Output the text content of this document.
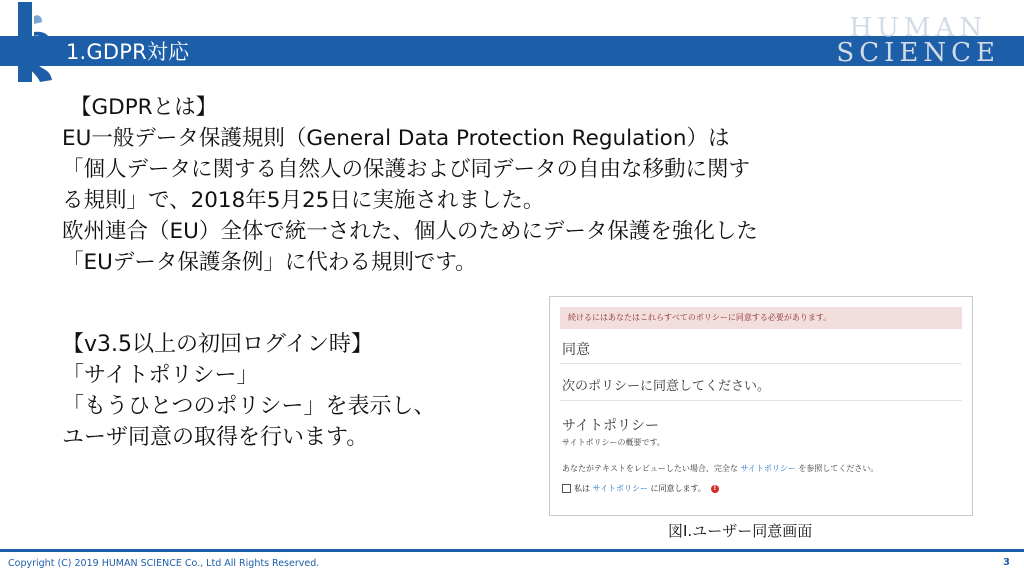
1.GDPR対応
HUMAN
SCIENCE

【GDPRとは】

EU一般データ保護規則（General Data Protection Regulation）は

「個人データに関する自然人の保護および同データの自由な移動に関す

る規則」で、2018年5月25日に実施されました。

欧州連合（EU）全体で統一された、個人のためにデータ保護を強化した

「EUデータ保護条例」に代わる規則です。

【v3.5以上の初回ログイン時】

「サイトポリシー」

「もうひとつのポリシー」を表示し、

ユーザ同意の取得を行います。

続けるにはあなたはこれらすべてのポリシーに同意する必要があります。
同意
次のポリシーに同意してください。
サイトポリシー
サイトポリシーの概要です。
あなたがテキストをレビューしたい場合、完全な サイトポリシー を参照してください。
私は
サイトポリシー
に同意します。	!
図I.ユーザー同意画面
Copyright (C) 2019 HUMAN SCIENCE Co., Ltd All Rights Reserved.	3
